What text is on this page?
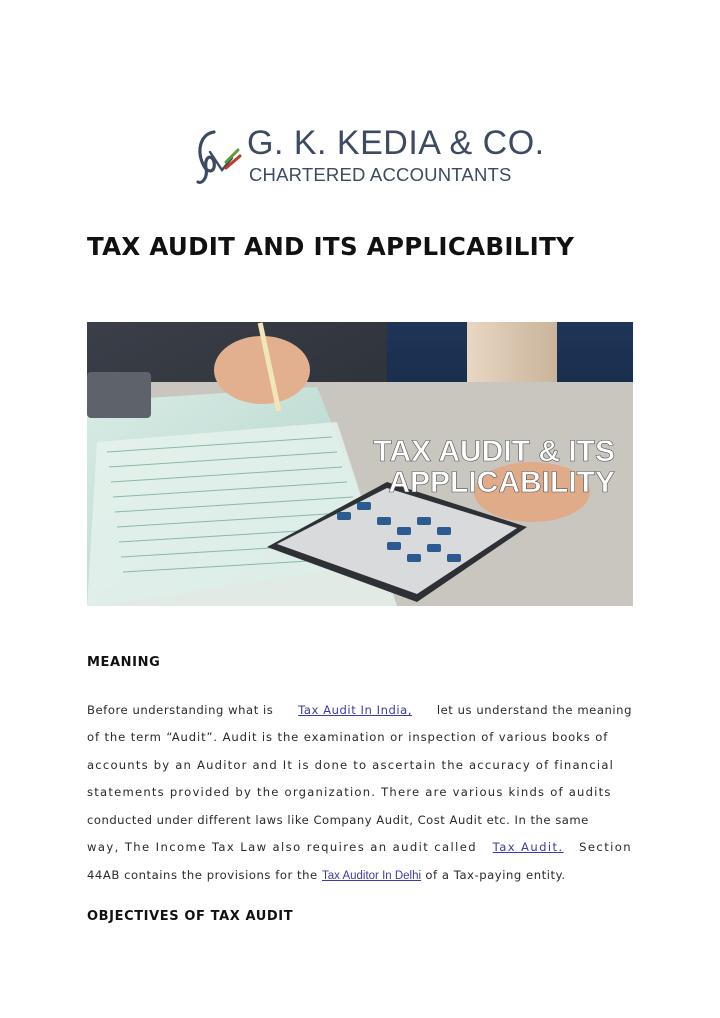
G. K. KEDIA & CO.
CHARTERED ACCOUNTANTS
TAX AUDIT AND ITS APPLICABILITY
TAX AUDIT & ITS
APPLICABILITY
MEANING
Before understanding what is Tax Audit In India, let us understand the meaning
of the term “Audit”. Audit is the examination or inspection of various books of
accounts by an Auditor and It is done to ascertain the accuracy of financial
statements provided by the organization. There are various kinds of audits
conducted under different laws like Company Audit, Cost Audit etc. In the same
way, The Income Tax Law also requires an audit called Tax Audit. Section
44AB contains the provisions for the Tax Auditor In Delhi of a Tax-paying entity.
OBJECTIVES OF TAX AUDIT
